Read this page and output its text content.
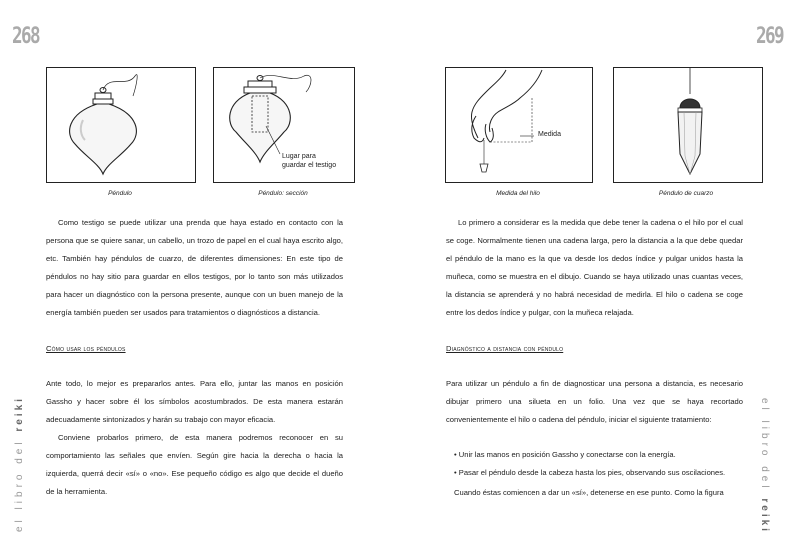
268
el libro del reiki
Péndulo
Lugar para
guardar el testigo
Péndulo: sección
Como testigo se puede utilizar una prenda que haya estado en contacto con la persona que se quiere sanar, un cabello, un trozo de papel en el cual haya escrito algo, etc. También hay péndulos de cuarzo, de diferentes dimensiones: En este tipo de péndulos no hay sitio para guardar en ellos testigos, por lo tanto son más utilizados para hacer un diagnóstico con la persona presente, aunque con un buen manejo de la energía también pueden ser usados para tratamientos o diagnósticos a distancia.
Cómo usar los péndulos
Ante todo, lo mejor es prepararlos antes. Para ello, juntar las manos en posición Gassho y hacer sobre él los símbolos acostumbrados. De esta manera estarán adecuadamente sintonizados y harán su trabajo con mayor eficacia.
Conviene probarlos primero, de esta manera podremos reconocer en su comportamiento las señales que envíen. Según gire hacia la derecha o hacia la izquierda, querrá decir «sí» o «no». Ese pequeño código es algo que decide el dueño de la herramienta.
269
el libro del reiki
Medida
Medida del hilo	Péndulo de cuarzo
Lo primero a considerar es la medida que debe tener la cadena o el hilo por el cual se coge. Normalmente tienen una cadena larga, pero la distancia a la que debe quedar el péndulo de la mano es la que va desde los dedos índice y pulgar unidos hasta la muñeca, como se muestra en el dibujo. Cuando se haya utilizado unas cuantas veces, la distancia se aprenderá y no habrá necesidad de medirla. El hilo o cadena se coge entre los dedos índice y pulgar, con la muñeca relajada.
Diagnóstico a distancia con péndulo
Para utilizar un péndulo a fin de diagnosticar una persona a distancia, es necesario dibujar primero una silueta en un folio. Una vez que se haya recortado convenientemente el hilo o cadena del péndulo, iniciar el siguiente tratamiento:
• Unir las manos en posición Gassho y conectarse con la energía.
• Pasar el péndulo desde la cabeza hasta los pies, observando sus oscilaciones.
Cuando éstas comiencen a dar un «sí», detenerse en ese punto. Como la figura
